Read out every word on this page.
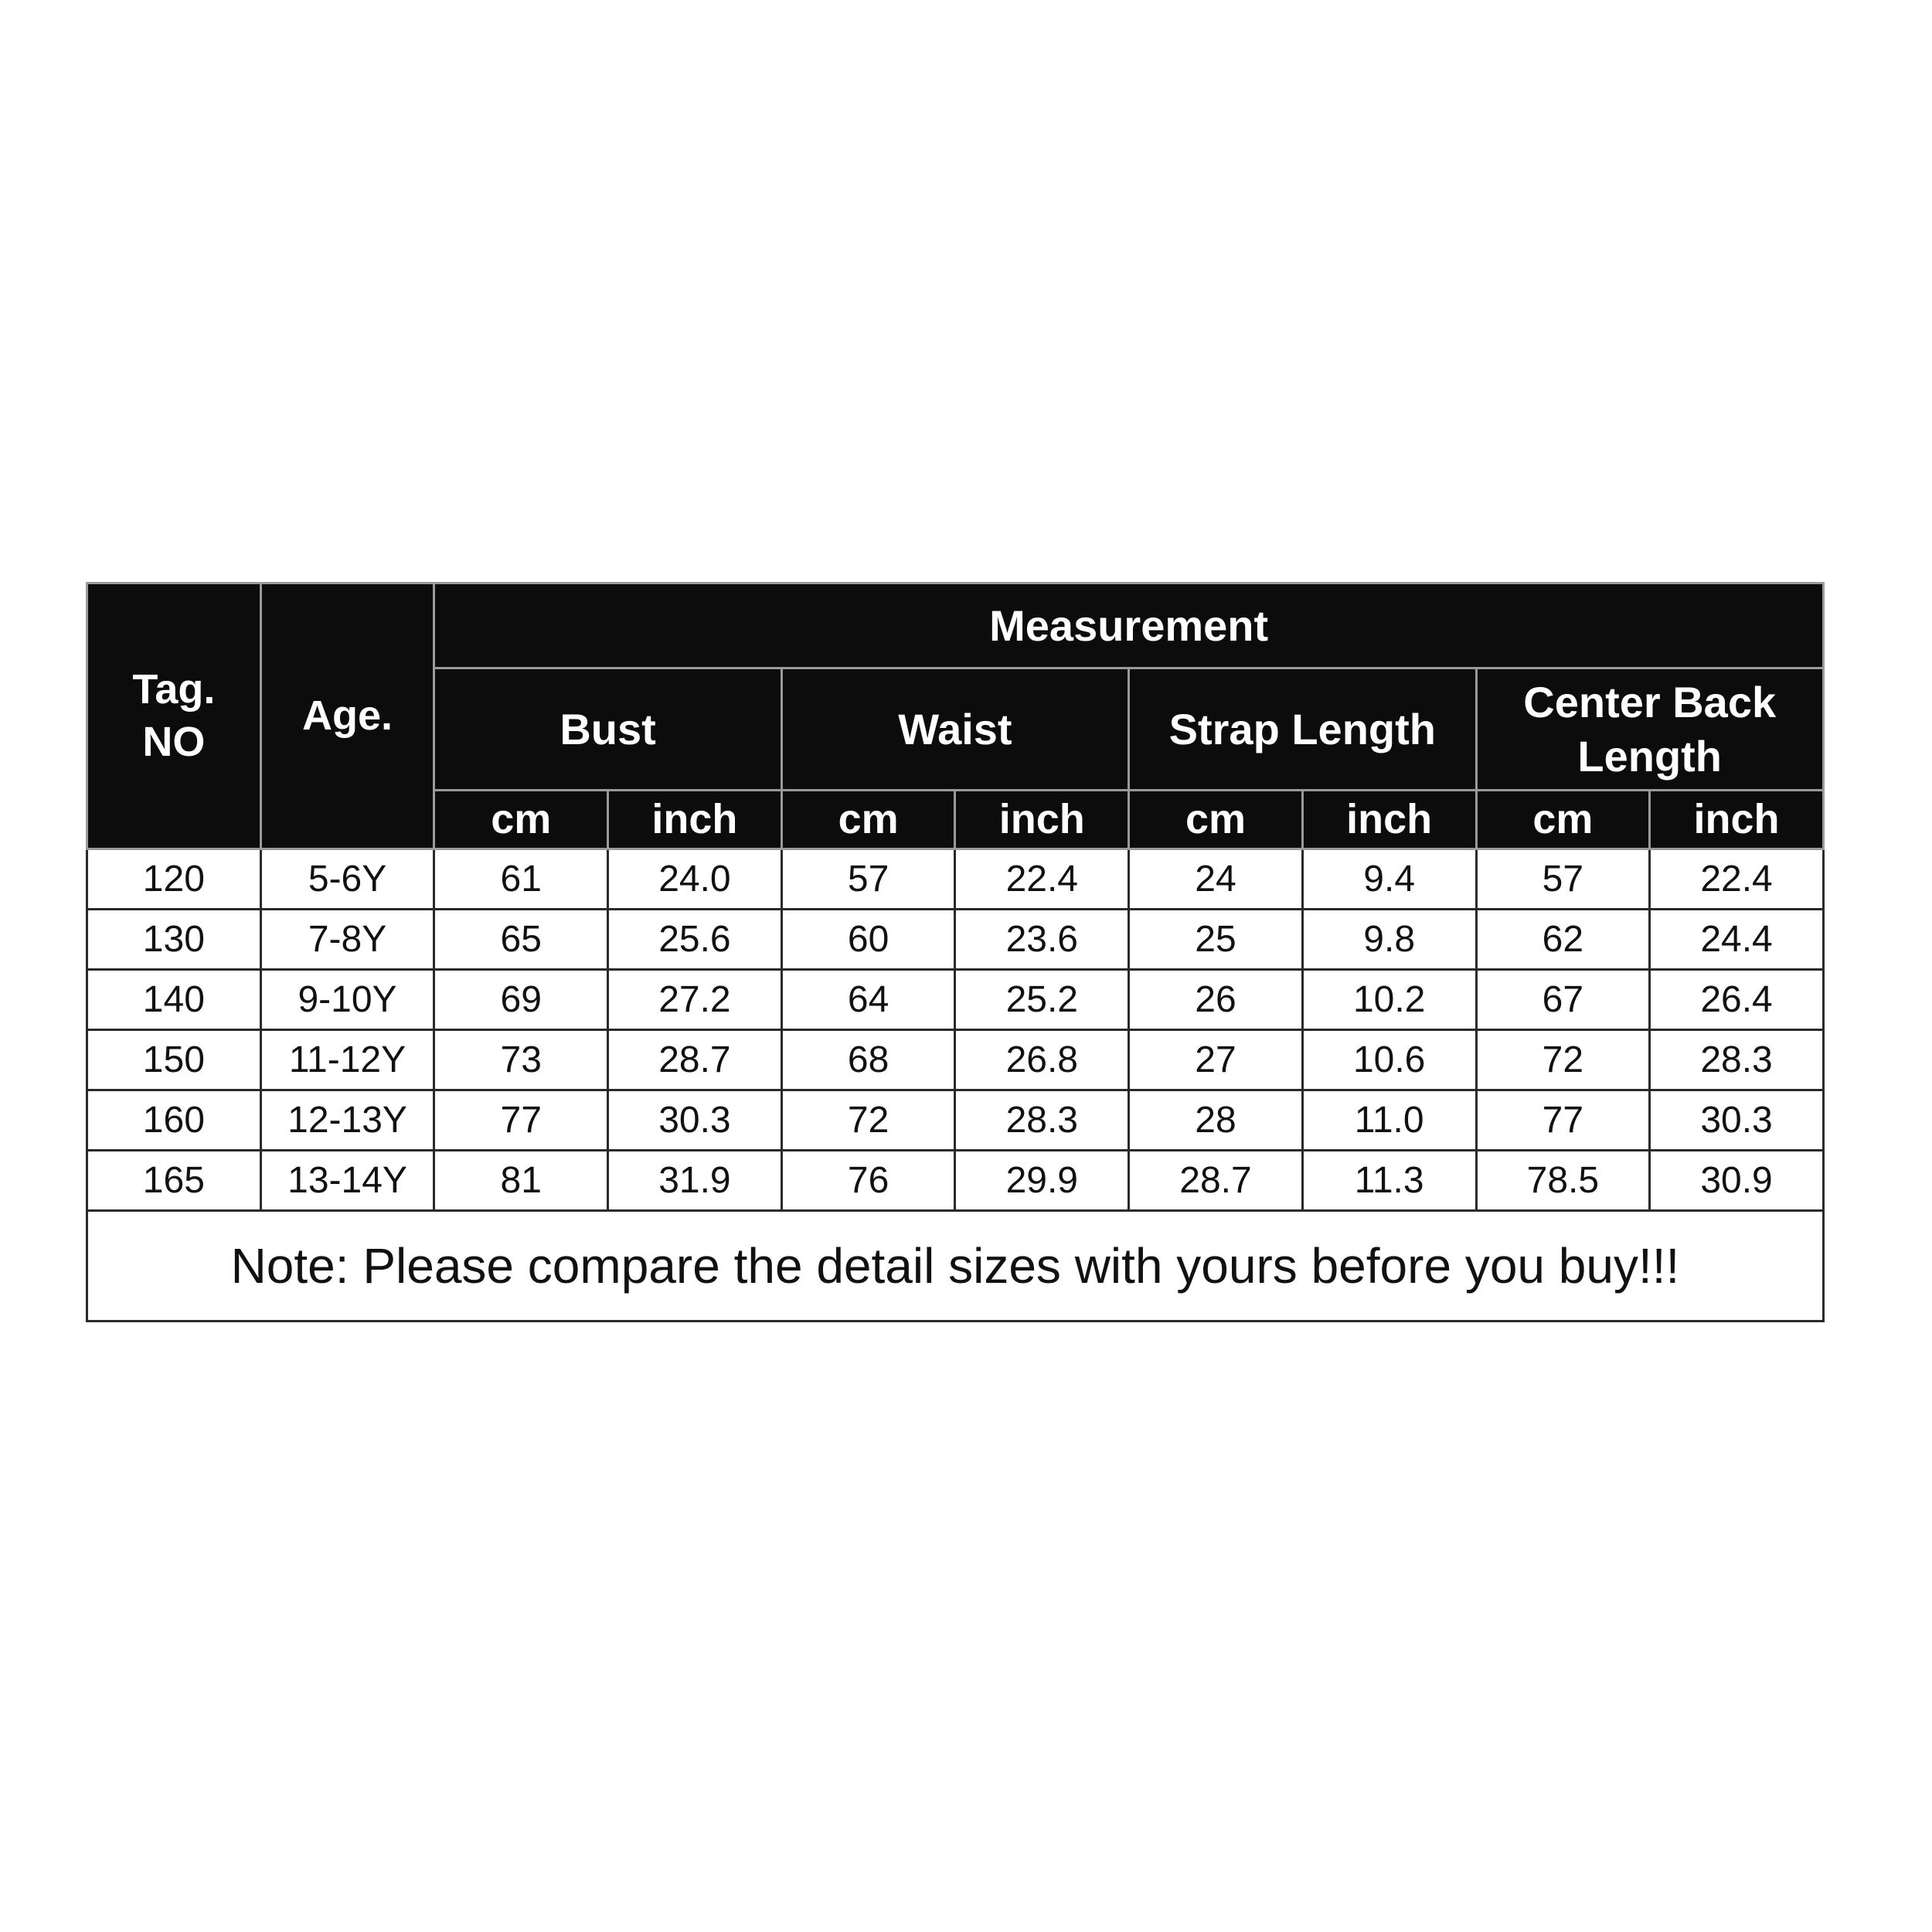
Tag.
NO	Age.	Measurement							
		Bust		Waist		Strap Length		Center Back
Length	

		cm	inch	cm	inch	cm	inch	cm	inch
120	5-6Y	61	24.0	57	22.4	24	9.4	57	22.4
130	7-8Y	65	25.6	60	23.6	25	9.8	62	24.4
140	9-10Y	69	27.2	64	25.2	26	10.2	67	26.4
150	11-12Y	73	28.7	68	26.8	27	10.6	72	28.3
160	12-13Y	77	30.3	72	28.3	28	11.0	77	30.3
165	13-14Y	81	31.9	76	29.9	28.7	11.3	78.5	30.9
Note: Please compare the detail sizes with yours before you buy!!!									
